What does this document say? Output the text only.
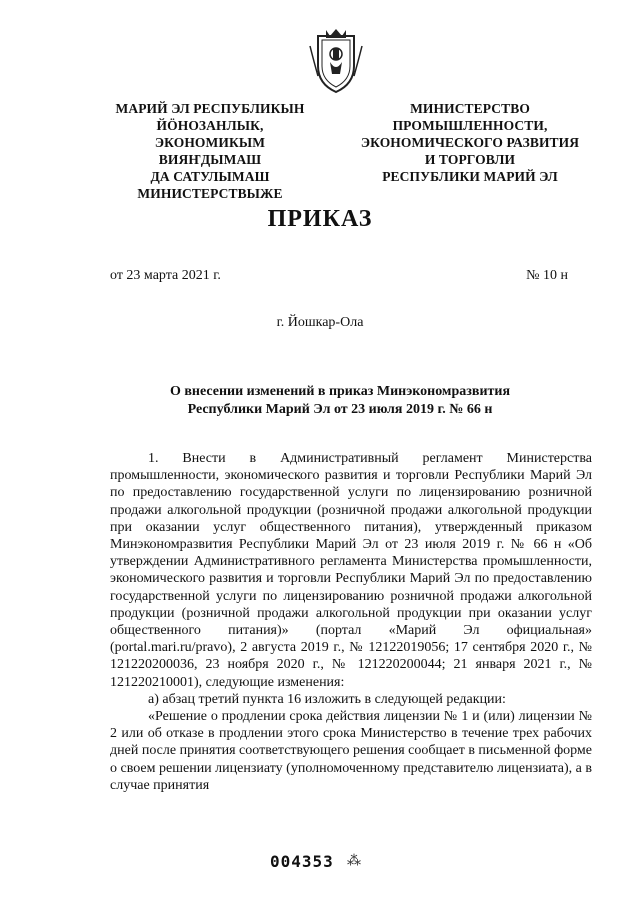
МАРИЙ ЭЛ РЕСПУБЛИКЫН
ЙÖНОЗАНЛЫК, ЭКОНОМИКЫМ
ВИЯҤДЫМАШ
ДА САТУЛЫМАШ
МИНИСТЕРСТВЫЖЕ
МИНИСТЕРСТВО
ПРОМЫШЛЕННОСТИ,
ЭКОНОМИЧЕСКОГО РАЗВИТИЯ
И ТОРГОВЛИ
РЕСПУБЛИКИ МАРИЙ ЭЛ
ПРИКАЗ
от 23 марта 2021 г.	№ 10 н
г. Йошкар-Ола
О внесении изменений в приказ Минэкономразвития
Республики Марий Эл от 23 июля 2019 г. № 66 н

1. Внести в Административный регламент Министерства промышленности, экономического развития и торговли Республики Марий Эл по предоставлению государственной услуги по лицензированию розничной продажи алкогольной продукции (розничной продажи алкогольной продукции при оказании услуг общественного питания), утвержденный приказом Минэкономразвития Республики Марий Эл от 23 июля 2019 г. № 66 н «Об утверждении Административного регламента Министерства промышленности, экономического развития и торговли Республики Марий Эл по предоставлению государственной услуги по лицензированию розничной продажи алкогольной продукции (розничной продажи алкогольной продукции при оказании услуг общественного питания)» (портал «Марий Эл официальная» (portal.mari.ru/pravo), 2 августа 2019 г., № 12122019056; 17 сентября 2020 г., № 121220200036, 23 ноября 2020 г., № 121220200044; 21 января 2021 г., № 121220210001), следующие изменения:

а) абзац третий пункта 16 изложить в следующей редакции:

«Решение о продлении срока действия лицензии № 1 и (или) лицензии № 2 или об отказе в продлении этого срока Министерство в течение трех рабочих дней после принятия соответствующего решения сообщает в письменной форме о своем решении лицензиату (уполномоченному представителю лицензиата), а в случае принятия

004353 ⁂
